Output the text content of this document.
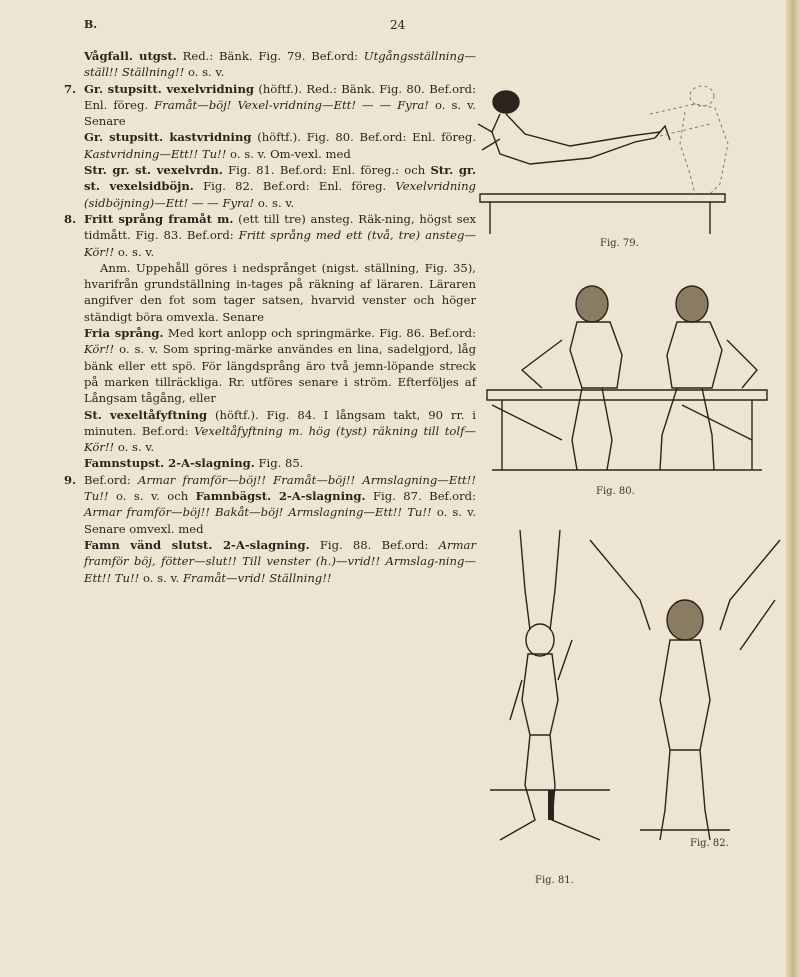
B.	24

Vågfall. utgst. Red.: Bänk. Fig. 79. Bef.ord: Utgångsställning—ställ!! Ställning!! o. s. v.

7. Gr. stupsitt. vexelvridning (höftf.). Red.: Bänk. Fig. 80. Bef.ord: Enl. föreg. Framåt—böj! Vexel-vridning—Ett! — — Fyra! o. s. v. Senare

Gr. stupsitt. kastvridning (höftf.). Fig. 80. Bef.ord: Enl. föreg. Kastvridning—Ett!! Tu!! o. s. v. Om-vexl. med

Str. gr. st. vexelvrdn. Fig. 81. Bef.ord: Enl. föreg.: och Str. gr. st. vexelsidböjn. Fig. 82. Bef.ord: Enl. föreg. Vexelvridning (sidböjning)—Ett! — — Fyra! o. s. v.

8. Fritt språng framåt m. (ett till tre) ansteg. Räk-ning, högst sex tidmått. Fig. 83. Bef.ord: Fritt språng med ett (två, tre) ansteg—Kör!! o. s. v.

Anm. Uppehåll göres i nedsprånget (nigst. ställning, Fig. 35), hvarifrån grundställning in-tages på räkning af läraren. Läraren angifver den fot som tager satsen, hvarvid venster och höger ständigt böra omvexla. Senare

Fria språng. Med kort anlopp och springmärke. Fig. 86. Bef.ord: Kör!! o. s. v. Som spring-märke användes en lina, sadelgjord, låg bänk eller ett spö. För längdsprång äro två jemn-löpande streck på marken tillräckliga. Rr. utföres senare i ström. Efterföljes af Långsam tågång, eller

St. vexeltåfyftning (höftf.). Fig. 84. I långsam takt, 90 rr. i minuten. Bef.ord: Vexeltåfyftning m. hög (tyst) räkning till tolf—Kör!! o. s. v.

Famnstupst. 2-A-slagning. Fig. 85.

9. Bef.ord: Armar framför—böj!! Framåt—böj!! Armslagning—Ett!! Tu!! o. s. v. och Famnbägst. 2-A-slagning. Fig. 87. Bef.ord: Armar framför—böj!! Bakåt—böj! Armslagning—Ett!! Tu!! o. s. v. Senare omvexl. med

Famn vänd slutst. 2-A-slagning. Fig. 88. Bef.ord: Armar framför böj, fötter—slut!! Till venster (h.)—vrid!! Armslag-ning—Ett!! Tu!! o. s. v. Framåt—vrid! Ställning!!

Fig. 79.
Fig. 80.
Fig. 81.
Fig. 82.
